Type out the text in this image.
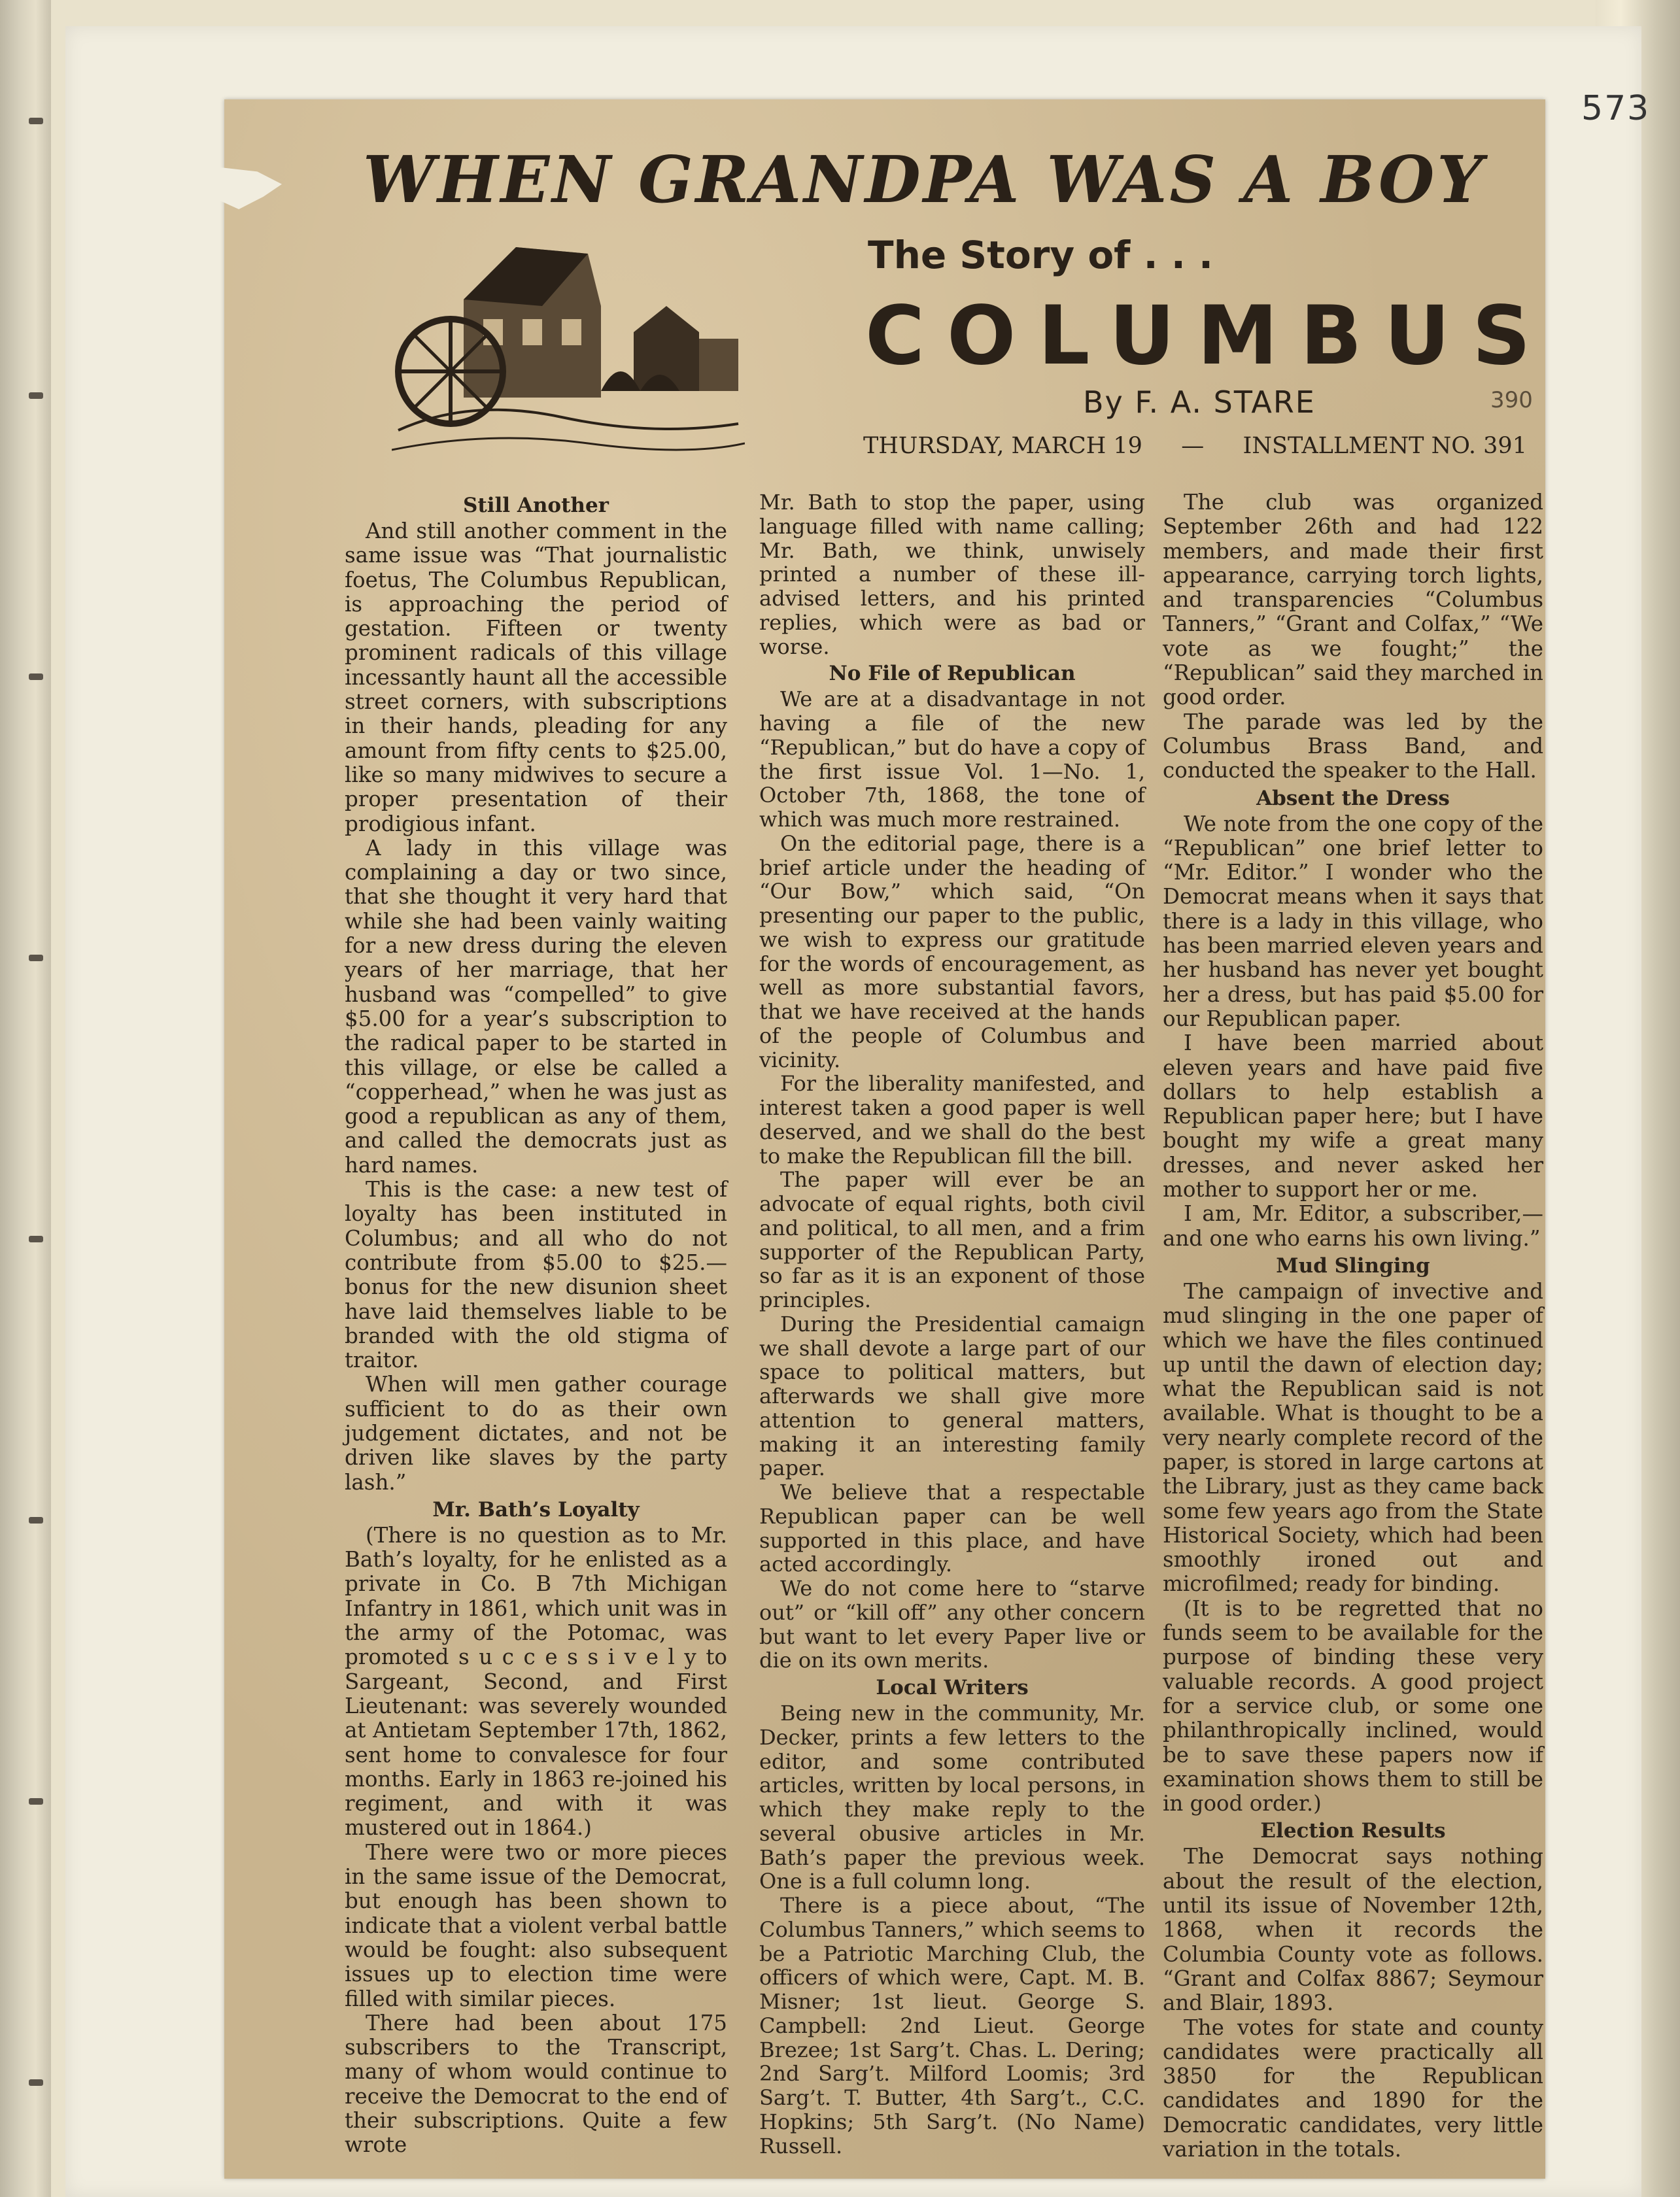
573
WHEN GRANDPA WAS A BOY
The Story of . . .
COLUMBUS
By F. A. STARE	390
THURSDAY, MARCH 19 — INSTALLMENT NO. 391
Still Another

And still another comment in the same issue was “That journalistic foetus, The Columbus Republican, is approaching the period of gestation. Fifteen or twenty prominent radicals of this village incessantly haunt all the accessible street corners, with subscriptions in their hands, pleading for any amount from fifty cents to $25.00, like so many midwives to secure a proper presentation of their prodigious infant.

A lady in this village was complaining a day or two since, that she thought it very hard that while she had been vainly waiting for a new dress during the eleven years of her marriage, that her husband was “compelled” to give $5.00 for a year’s subscription to the radical paper to be started in this village, or else be called a “copperhead,” when he was just as good a republican as any of them, and called the democrats just as hard names.

This is the case: a new test of loyalty has been instituted in Columbus; and all who do not contribute from $5.00 to $25.—bonus for the new disunion sheet have laid themselves liable to be branded with the old stigma of traitor.

When will men gather courage sufficient to do as their own judgement dictates, and not be driven like slaves by the party lash.”

Mr. Bath’s Loyalty

(There is no question as to Mr. Bath’s loyalty, for he enlisted as a private in Co. B 7th Michigan Infantry in 1861, which unit was in the army of the Potomac, was promoted s u c c e s s i v e l y to Sargeant, Second, and First Lieutenant: was severely wounded at Antietam September 17th, 1862, sent home to convalesce for four months. Early in 1863 re-joined his regiment, and with it was mustered out in 1864.)

There were two or more pieces in the same issue of the Democrat, but enough has been shown to indicate that a violent verbal battle would be fought: also subsequent issues up to election time were filled with similar pieces.

There had been about 175 subscribers to the Transcript, many of whom would continue to receive the Democrat to the end of their subscriptions. Quite a few wrote

Mr. Bath to stop the paper, using language filled with name calling; Mr. Bath, we think, unwisely printed a number of these ill-advised letters, and his printed replies, which were as bad or worse.

No File of Republican

We are at a disadvantage in not having a file of the new “Republican,” but do have a copy of the first issue Vol. 1—No. 1, October 7th, 1868, the tone of which was much more restrained.

On the editorial page, there is a brief article under the heading of “Our Bow,” which said, “On presenting our paper to the public, we wish to express our gratitude for the words of encouragement, as well as more substantial favors, that we have received at the hands of the people of Columbus and vicinity.

For the liberality manifested, and interest taken a good paper is well deserved, and we shall do the best to make the Republican fill the bill.

The paper will ever be an advocate of equal rights, both civil and political, to all men, and a frim supporter of the Republican Party, so far as it is an exponent of those principles.

During the Presidential camaign we shall devote a large part of our space to political matters, but afterwards we shall give more attention to general matters, making it an interesting family paper.

We believe that a respectable Republican paper can be well supported in this place, and have acted accordingly.

We do not come here to “starve out” or “kill off” any other concern but want to let every Paper live or die on its own merits.

Local Writers

Being new in the community, Mr. Decker, prints a few letters to the editor, and some contributed articles, written by local persons, in which they make reply to the several obusive articles in Mr. Bath’s paper the previous week. One is a full column long.

There is a piece about, “The Columbus Tanners,” which seems to be a Patriotic Marching Club, the officers of which were, Capt. M. B. Misner; 1st lieut. George S. Campbell: 2nd Lieut. George Brezee; 1st Sarg’t. Chas. L. Dering; 2nd Sarg’t. Milford Loomis; 3rd Sarg’t. T. Butter, 4th Sarg’t., C.C. Hopkins; 5th Sarg’t. (No Name) Russell.

The club was organized September 26th and had 122 members, and made their first appearance, carrying torch lights, and transparencies “Columbus Tanners,” “Grant and Colfax,” “We vote as we fought;” the “Republican” said they marched in good order.

The parade was led by the Columbus Brass Band, and conducted the speaker to the Hall.

Absent the Dress

We note from the one copy of the “Republican” one brief letter to “Mr. Editor.” I wonder who the Democrat means when it says that there is a lady in this village, who has been married eleven years and her husband has never yet bought her a dress, but has paid $5.00 for our Republican paper.

I have been married about eleven years and have paid five dollars to help establish a Republican paper here; but I have bought my wife a great many dresses, and never asked her mother to support her or me.

I am, Mr. Editor, a subscriber,— and one who earns his own living.”

Mud Slinging

The campaign of invective and mud slinging in the one paper of which we have the files continued up until the dawn of election day; what the Republican said is not available. What is thought to be a very nearly complete record of the paper, is stored in large cartons at the Library, just as they came back some few years ago from the State Historical Society, which had been smoothly ironed out and microfilmed; ready for binding.

(It is to be regretted that no funds seem to be available for the purpose of binding these very valuable records. A good project for a service club, or some one philanthropically inclined, would be to save these papers now if examination shows them to still be in good order.)

Election Results

The Democrat says nothing about the result of the election, until its issue of November 12th, 1868, when it records the Columbia County vote as follows. “Grant and Colfax 8867; Seymour and Blair, 1893.

The votes for state and county candidates were practically all 3850 for the Republican candidates and 1890 for the Democratic candidates, very little variation in the totals.
